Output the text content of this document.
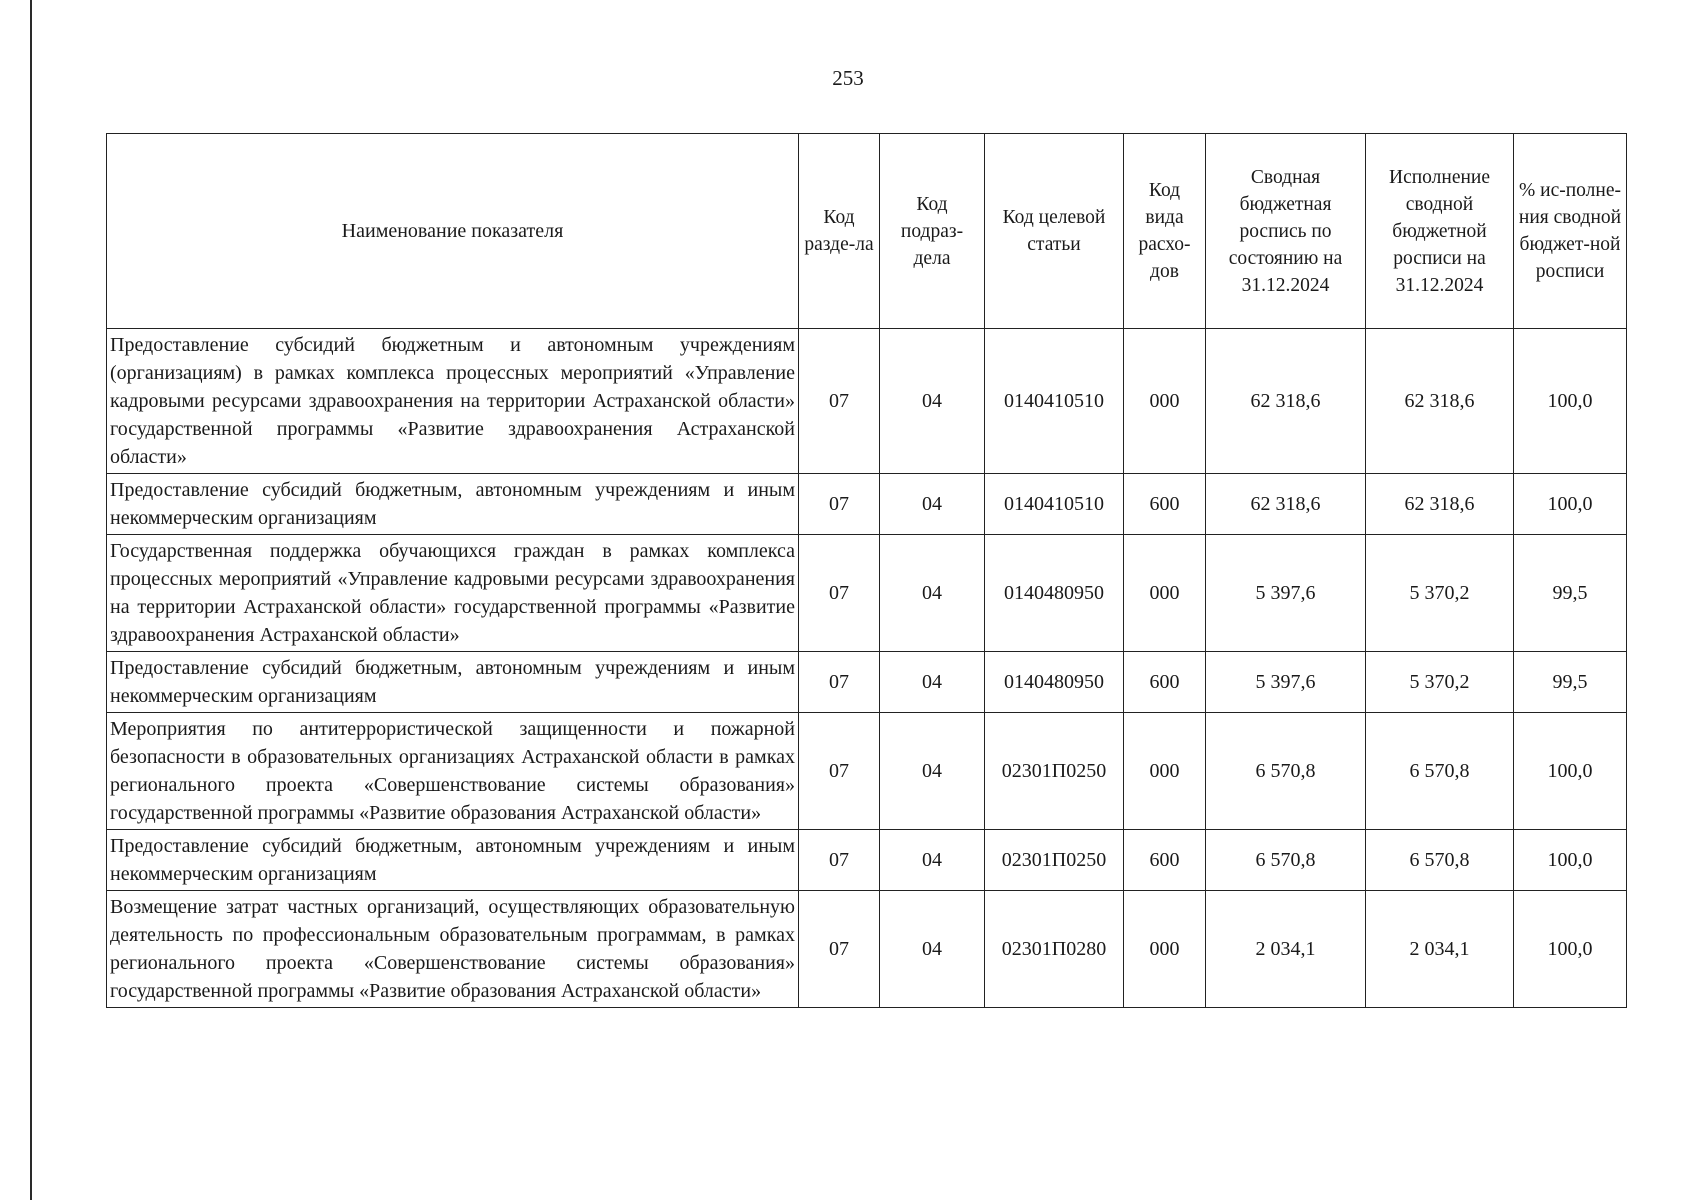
253
Наименование показателя	Код разде-ла	Код подраз-дела	Код целевой статьи	Код вида расхо-дов	Сводная бюджетная роспись по состоянию на 31.12.2024	Исполнение сводной бюджетной росписи на 31.12.2024	% ис-полне-ния сводной бюджет-ной росписи
Предоставление субсидий бюджетным и автономным учреждениям (организациям) в рамках комплекса процессных мероприятий «Управление кадровыми ресурсами здравоохранения на территории Астраханской области» государственной программы «Развитие здравоохранения Астраханской области»	07	04	0140410510	000	62 318,6	62 318,6	100,0
Предоставление субсидий бюджетным, автономным учреждениям и иным некоммерческим организациям	07	04	0140410510	600	62 318,6	62 318,6	100,0
Государственная поддержка обучающихся граждан в рамках комплекса процессных мероприятий «Управление кадровыми ресурсами здравоохранения на территории Астраханской области» государственной программы «Развитие здравоохранения Астраханской области»	07	04	0140480950	000	5 397,6	5 370,2	99,5
Предоставление субсидий бюджетным, автономным учреждениям и иным некоммерческим организациям	07	04	0140480950	600	5 397,6	5 370,2	99,5
Мероприятия по антитеррористической защищенности и пожарной безопасности в образовательных организациях Астраханской области в рамках регионального проекта «Совершенствование системы образования» государственной программы «Развитие образования Астраханской области»	07	04	02301П0250	000	6 570,8	6 570,8	100,0
Предоставление субсидий бюджетным, автономным учреждениям и иным некоммерческим организациям	07	04	02301П0250	600	6 570,8	6 570,8	100,0
Возмещение затрат частных организаций, осуществляющих образовательную деятельность по профессиональным образовательным программам, в рамках регионального проекта «Совершенствование системы образования» государственной программы «Развитие образования Астраханской области»	07	04	02301П0280	000	2 034,1	2 034,1	100,0
